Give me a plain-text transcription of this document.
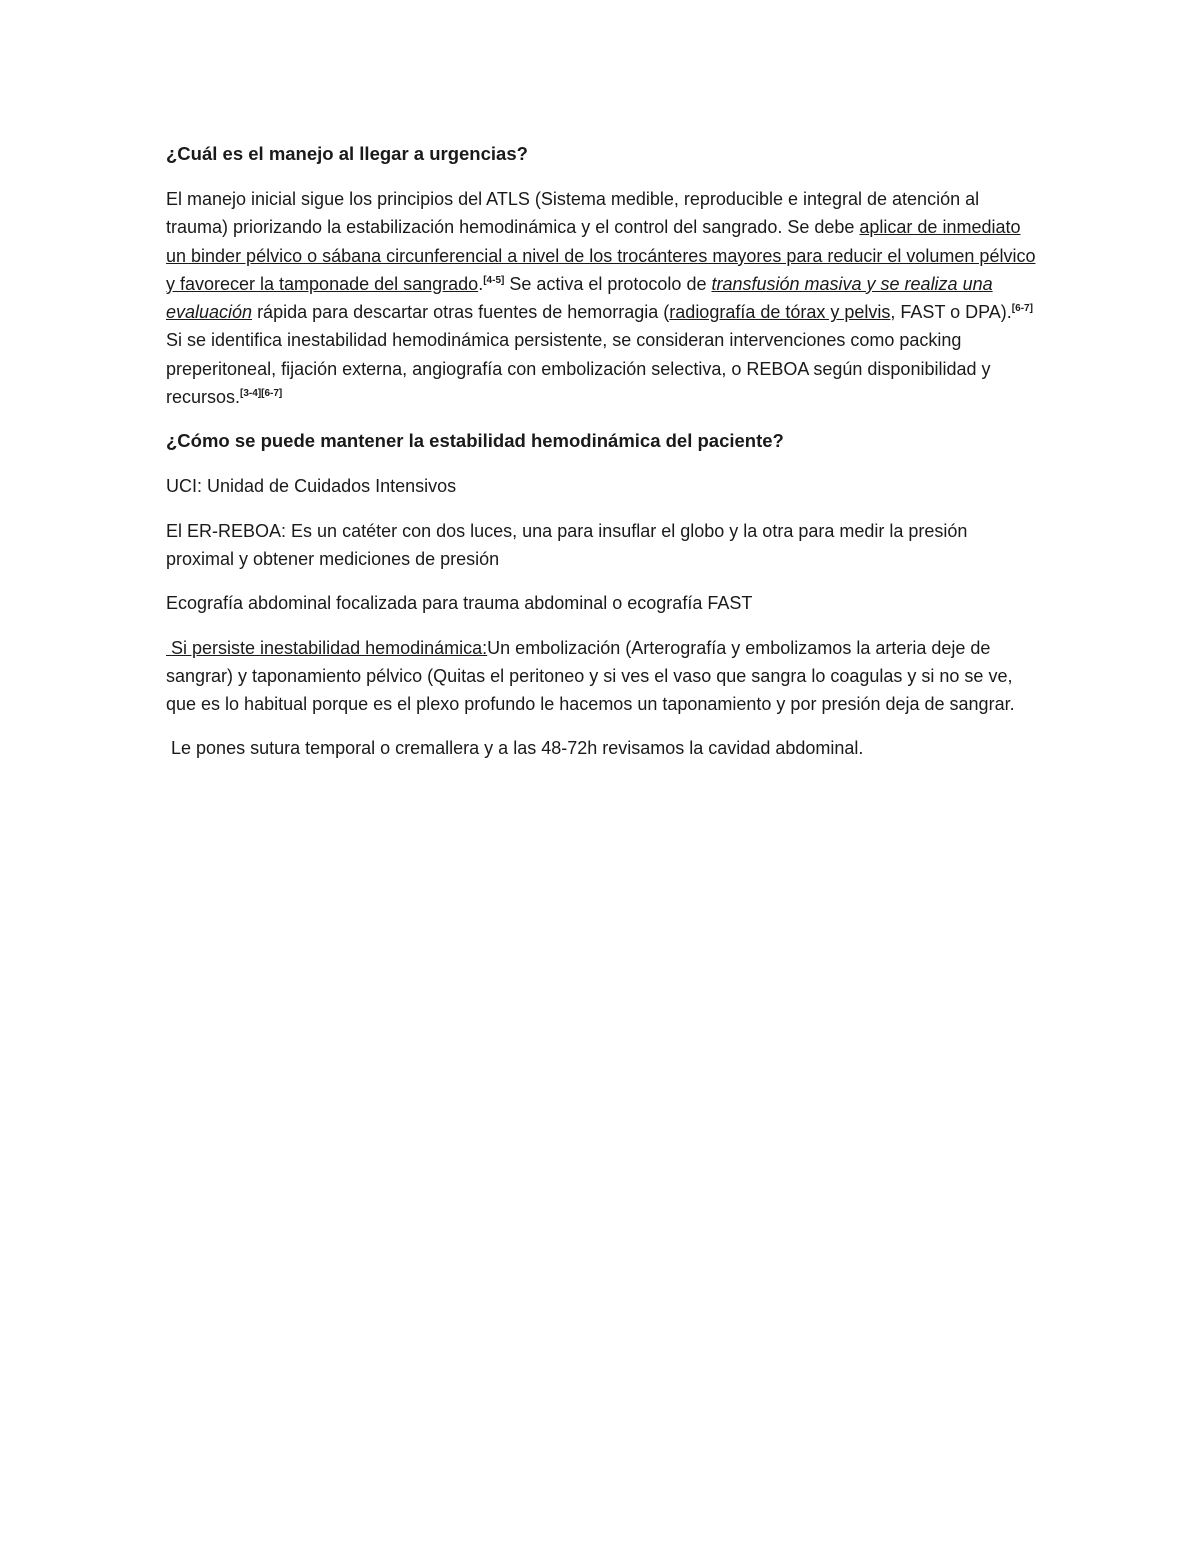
¿Cuál es el manejo al llegar a urgencias?

El manejo inicial sigue los principios del ATLS (Sistema medible, reproducible e integral de atención al trauma) priorizando la estabilización hemodinámica y el control del sangrado. Se debe aplicar de inmediato un binder pélvico o sábana circunferencial a nivel de los trocánteres mayores para reducir el volumen pélvico y favorecer la tamponade del sangrado.[4-5] Se activa el protocolo de transfusión masiva y se realiza una evaluación rápida para descartar otras fuentes de hemorragia (radiografía de tórax y pelvis, FAST o DPA).[6-7] Si se identifica inestabilidad hemodinámica persistente, se consideran intervenciones como packing preperitoneal, fijación externa, angiografía con embolización selectiva, o REBOA según disponibilidad y recursos.[3-4][6-7]

¿Cómo se puede mantener la estabilidad hemodinámica del paciente?

UCI: Unidad de Cuidados Intensivos

El ER-REBOA: Es un catéter con dos luces, una para insuflar el globo y la otra para medir la presión proximal y obtener mediciones de presión

Ecografía abdominal focalizada para trauma abdominal o ecografía FAST

Si persiste inestabilidad hemodinámica:Un embolización (Arterografía y embolizamos la arteria deje de sangrar) y taponamiento pélvico (Quitas el peritoneo y si ves el vaso que sangra lo coagulas y si no se ve, que es lo habitual porque es el plexo profundo le hacemos un taponamiento y por presión deja de sangrar.

Le pones sutura temporal o cremallera y a las 48-72h revisamos la cavidad abdominal.
